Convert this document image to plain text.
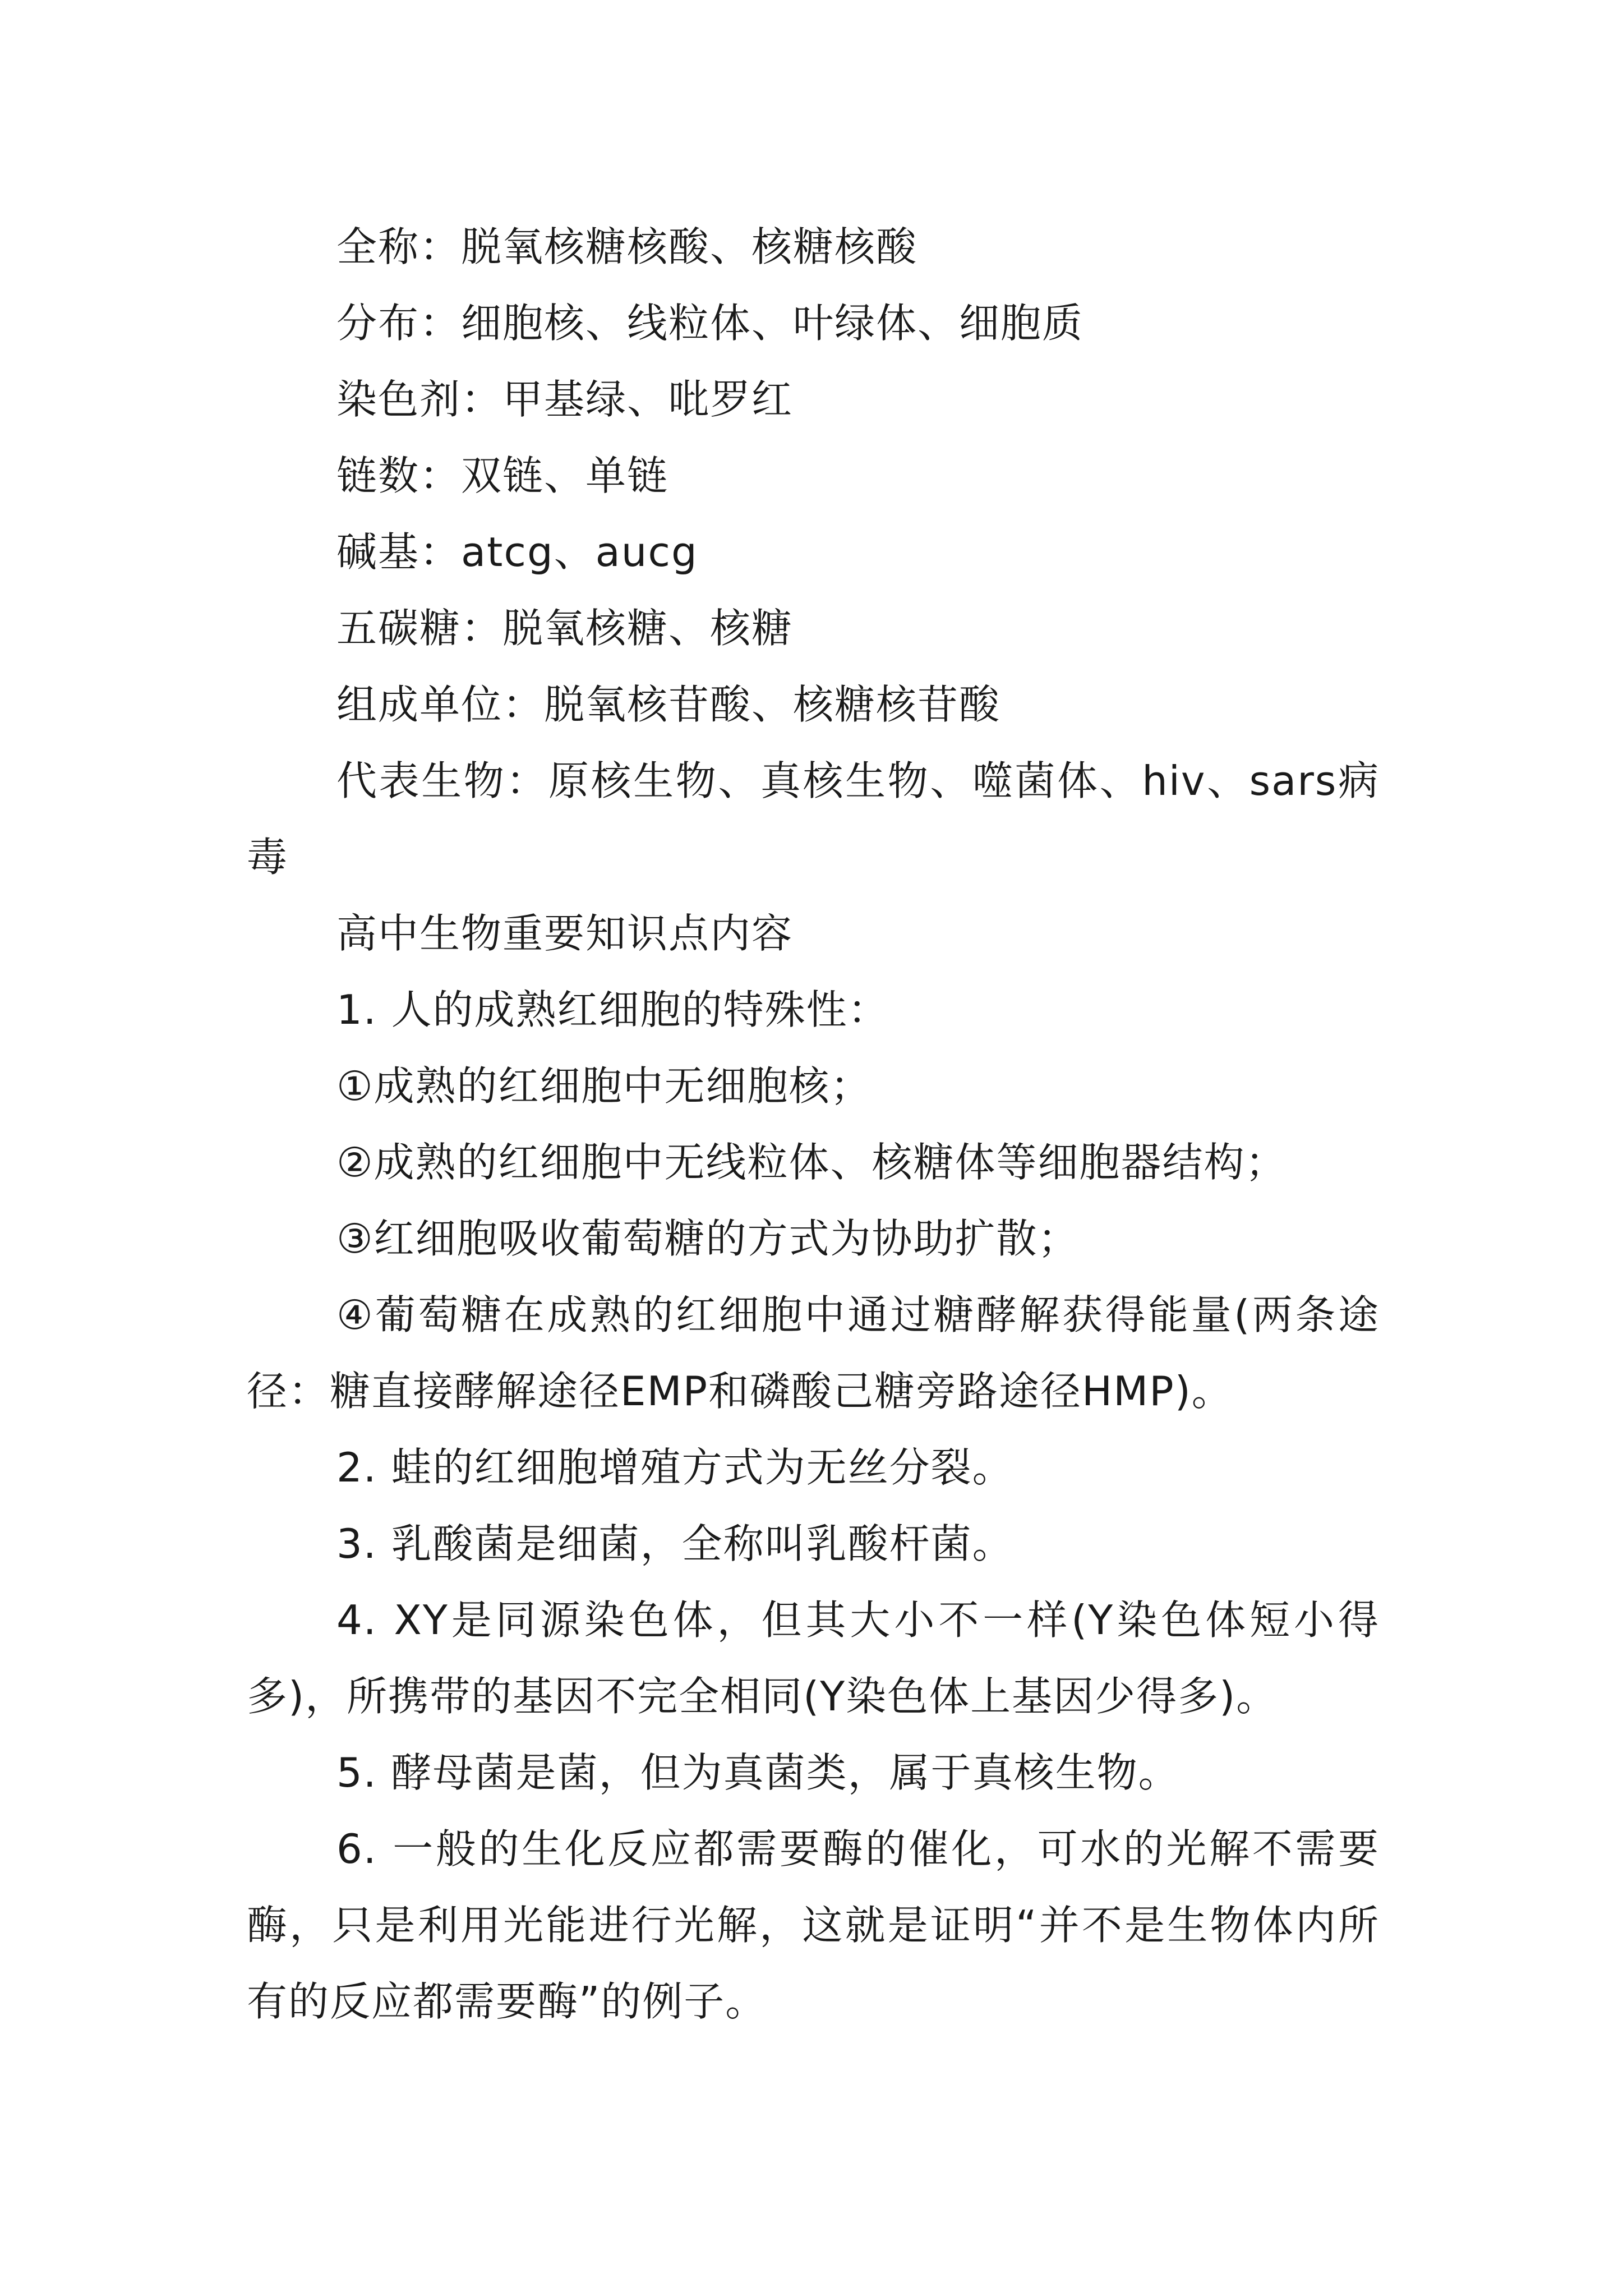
全称：脱氧核糖核酸、核糖核酸

分布：细胞核、线粒体、叶绿体、细胞质

染色剂：甲基绿、吡罗红

链数：双链、单链

碱基：atcg、aucg

五碳糖：脱氧核糖、核糖

组成单位：脱氧核苷酸、核糖核苷酸

代表生物：原核生物、真核生物、噬菌体、hiv、sars病毒

高中生物重要知识点内容

1. 人的成熟红细胞的特殊性：

①成熟的红细胞中无细胞核；

②成熟的红细胞中无线粒体、核糖体等细胞器结构；

③红细胞吸收葡萄糖的方式为协助扩散；

④葡萄糖在成熟的红细胞中通过糖酵解获得能量(两条途径：糖直接酵解途径EMP和磷酸己糖旁路途径HMP)。

2. 蛙的红细胞增殖方式为无丝分裂。

3. 乳酸菌是细菌，全称叫乳酸杆菌。

4. XY是同源染色体，但其大小不一样(Y染色体短小得多)，所携带的基因不完全相同(Y染色体上基因少得多)。

5. 酵母菌是菌，但为真菌类，属于真核生物。

6. 一般的生化反应都需要酶的催化，可水的光解不需要酶，只是利用光能进行光解，这就是证明“并不是生物体内所有的反应都需要酶”的例子。
